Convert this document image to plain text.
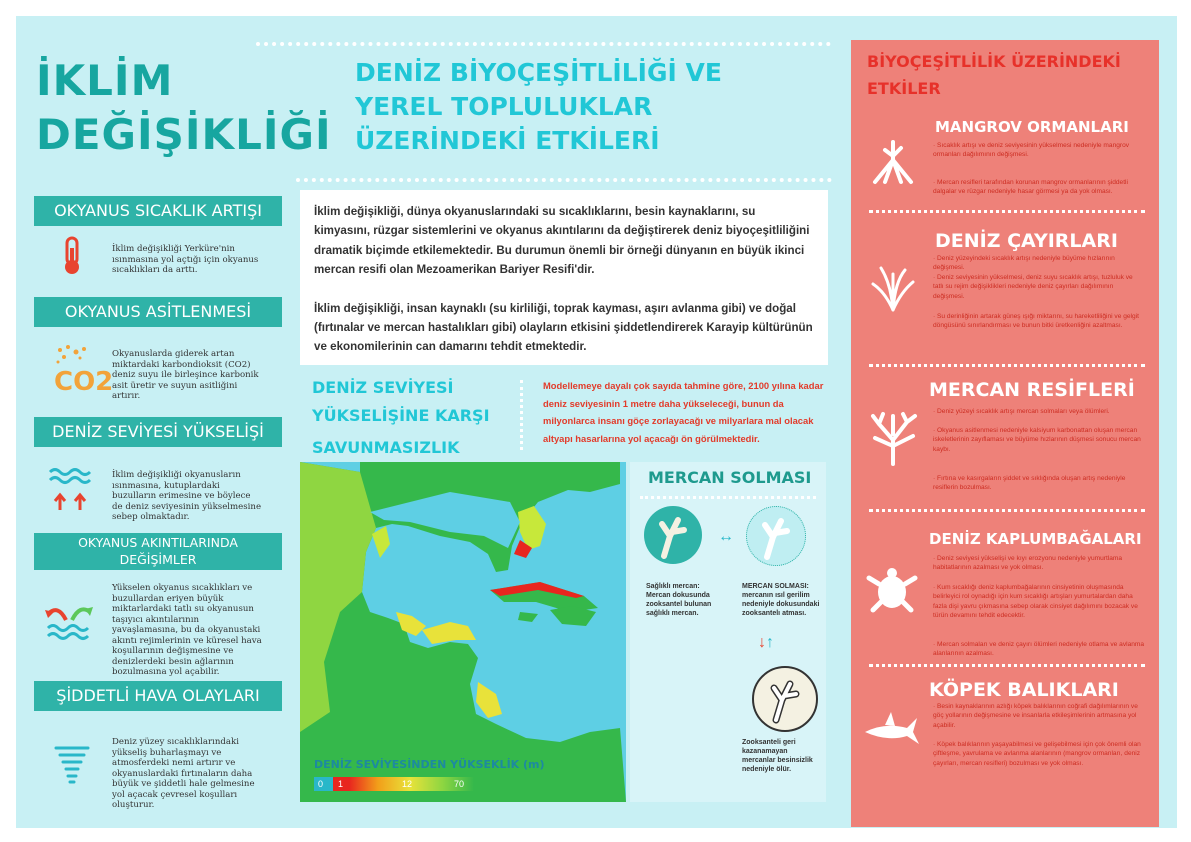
İKLİM
DEĞİŞİKLİĞİ
DENİZ BİYOÇEŞİTLİLİĞİ VE
YEREL TOPLULUKLAR
ÜZERİNDEKİ ETKİLERİ
OKYANUS SICAKLIK ARTIŞI
İklim değişikliği Yerküre'nin ısınmasına yol açtığı için okyanus sıcaklıkları da arttı.
OKYANUS ASİTLENMESİ
CO2
Okyanuslarda giderek artan miktardaki karbondioksit (CO2) deniz suyu ile birleşince karbonik asit üretir ve suyun asitliğini artırır.
DENİZ SEVİYESİ YÜKSELİŞİ
İklim değişikliği okyanusların ısınmasına, kutuplardaki buzulların erimesine ve böylece de deniz seviyesinin yükselmesine sebep olmaktadır.
OKYANUS AKINTILARINDA
DEĞİŞİMLER
Yükselen okyanus sıcaklıkları ve buzullardan eriyen büyük miktarlardaki tatlı su okyanusun taşıyıcı akıntılarının yavaşlamasına, bu da okyanustaki akıntı rejimlerinin ve küresel hava koşullarının değişmesine ve denizlerdeki besin ağlarının bozulmasına yol açabilir.
ŞİDDETLİ HAVA OLAYLARI
Deniz yüzey sıcaklıklarındaki yükseliş buharlaşmayı ve atmosferdeki nemi artırır ve okyanuslardaki fırtınaların daha büyük ve şiddetli hale gelmesine yol açacak çevresel koşulları oluşturur.

İklim değişikliği, dünya okyanuslarındaki su sıcaklıklarını, besin kaynaklarını, su kimyasını, rüzgar sistemlerini ve okyanus akıntılarını da değiştirerek deniz biyoçeşitliliğini dramatik biçimde etkilemektedir. Bu durumun önemli bir örneği dünyanın en büyük ikinci mercan resifi olan Mezoamerikan Bariyer Resifi'dir.

İklim değişikliği, insan kaynaklı (su kirliliği, toprak kayması, aşırı avlanma gibi) ve doğal (fırtınalar ve mercan hastalıkları gibi) olayların etkisini şiddetlendirerek Karayip kültürünün ve ekonomilerinin can damarını tehdit etmektedir.

DENİZ SEVİYESİ
YÜKSELİŞİNE KARŞI
SAVUNMASIZLIK
Modellemeye dayalı çok sayıda tahmine göre, 2100 yılına kadar deniz seviyesinin 1 metre daha yükseleceği, bunun da milyonlarca insanı göçe zorlayacağı ve milyarlara mal olacak altyapı hasarlarına yol açacağı ön görülmektedir.
DENİZ SEVİYESİNDEN YÜKSEKLİK (m)
0 1	12	70
MERCAN SOLMASI
↔
Sağlıklı mercan: Mercan dokusunda zooksantel bulunan sağlıklı mercan.
MERCAN SOLMASI: mercanın ısıl gerilim nedeniyle dokusundaki zooksantelı atması.
↓↑
Zooksanteli geri kazanamayan mercanlar besinsizlik nedeniyle ölür.
BİYOÇEŞİTLİLİK ÜZERİNDEKİ
ETKİLER
MANGROV ORMANLARI
· Sıcaklık artışı ve deniz seviyesinin yükselmesi nedeniyle mangrov ormanları dağılımının değişmesi.
· Mercan resifleri tarafından korunan mangrov ormanlarının şiddetli dalgalar ve rüzgar nedeniyle hasar görmesi ya da yok olması.
DENİZ ÇAYIRLARI
· Deniz yüzeyindeki sıcaklık artışı nedeniyle büyüme hızlarının değişmesi.
· Deniz seviyesinin yükselmesi, deniz suyu sıcaklık artışı, tuzluluk ve tatlı su rejim değişiklikleri nedeniyle deniz çayırları dağılımının değişmesi.
· Su derinliğinin artarak güneş ışığı miktarını, su hareketliliğini ve gelgit döngüsünü sınırlandırması ve bunun bitki üretkenliğini azaltması.
MERCAN RESİFLERİ
· Deniz yüzeyi sıcaklık artışı mercan solmaları veya ölümleri.
· Okyanus asitlenmesi nedeniyle kalsiyum karbonattan oluşan mercan iskeletlerinin zayıflaması ve büyüme hızlarının düşmesi sonucu mercan kaybı.
· Fırtına ve kasırgaların şiddet ve sıklığında oluşan artış nedeniyle resiflerin bozulması.
DENİZ KAPLUMBAĞALARI
· Deniz seviyesi yükselişi ve kıyı erozyonu nedeniyle yumurtlama habitatlarının azalması ve yok olması.
· Kum sıcaklığı deniz kaplumbağalarının cinsiyetinin oluşmasında belirleyici rol oynadığı için kum sıcaklığı artışları yumurtalardan daha fazla dişi yavru çıkmasına sebep olarak cinsiyet dağılımını bozacak ve türün devamını tehdit edecektir.
· Mercan solmaları ve deniz çayırı ölümleri nedeniyle otlama ve avlanma alanlarının azalması.
KÖPEK BALIKLARI
· Besin kaynaklarının azlığı köpek balıklarının coğrafi dağılımlarının ve göç yollarının değişmesine ve insanlarla etkileşimlerinin artmasına yol açabilir.
· Köpek balıklarının yaşayabilmesi ve gelişebilmesi için çok önemli olan çiftleşme, yavrulama ve avlanma alanlarının (mangrov ormanları, deniz çayırları, mercan resifleri) bozulması ve yok olması.
